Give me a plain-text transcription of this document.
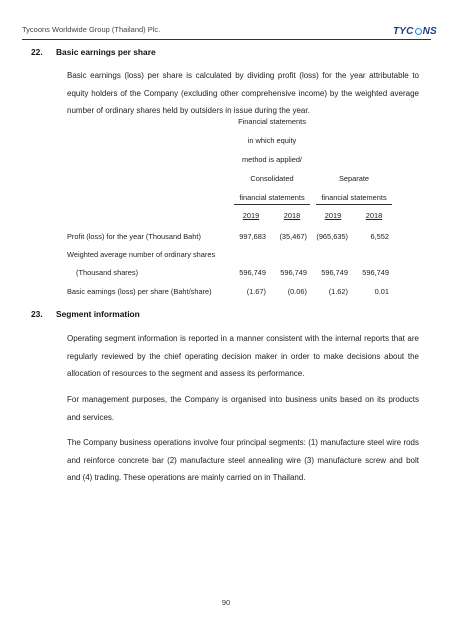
Tycoons Worldwide Group (Thailand) Plc.	TYC NS
22. Basic earnings per share
Basic earnings (loss) per share is calculated by dividing profit (loss) for the year attributable to equity holders of the Company (excluding other comprehensive income) by the weighted average number of ordinary shares held by outsiders in issue during the year.
Financial statements
in which equity
method is applied/
Consolidated	Separate
financial statements	financial statements
2019	2018	2019	2018
Profit (loss) for the year (Thousand Baht)	997,683	(35,467)	(965,635)	6,552
Weighted average number of ordinary shares
(Thousand shares)	596,749	596,749	596,749	596,749
Basic earnings (loss) per share (Baht/share)	(1.67)	(0.06)	(1.62)	0.01
23. Segment information
Operating segment information is reported in a manner consistent with the internal reports that are regularly reviewed by the chief operating decision maker in order to make decisions about the allocation of resources to the segment and assess its performance.
For management purposes, the Company is organised into business units based on its products and services.
The Company business operations involve four principal segments: (1) manufacture steel wire rods and reinforce concrete bar (2) manufacture steel annealing wire (3) manufacture screw and bolt and (4) trading. These operations are mainly carried on in Thailand.
90
